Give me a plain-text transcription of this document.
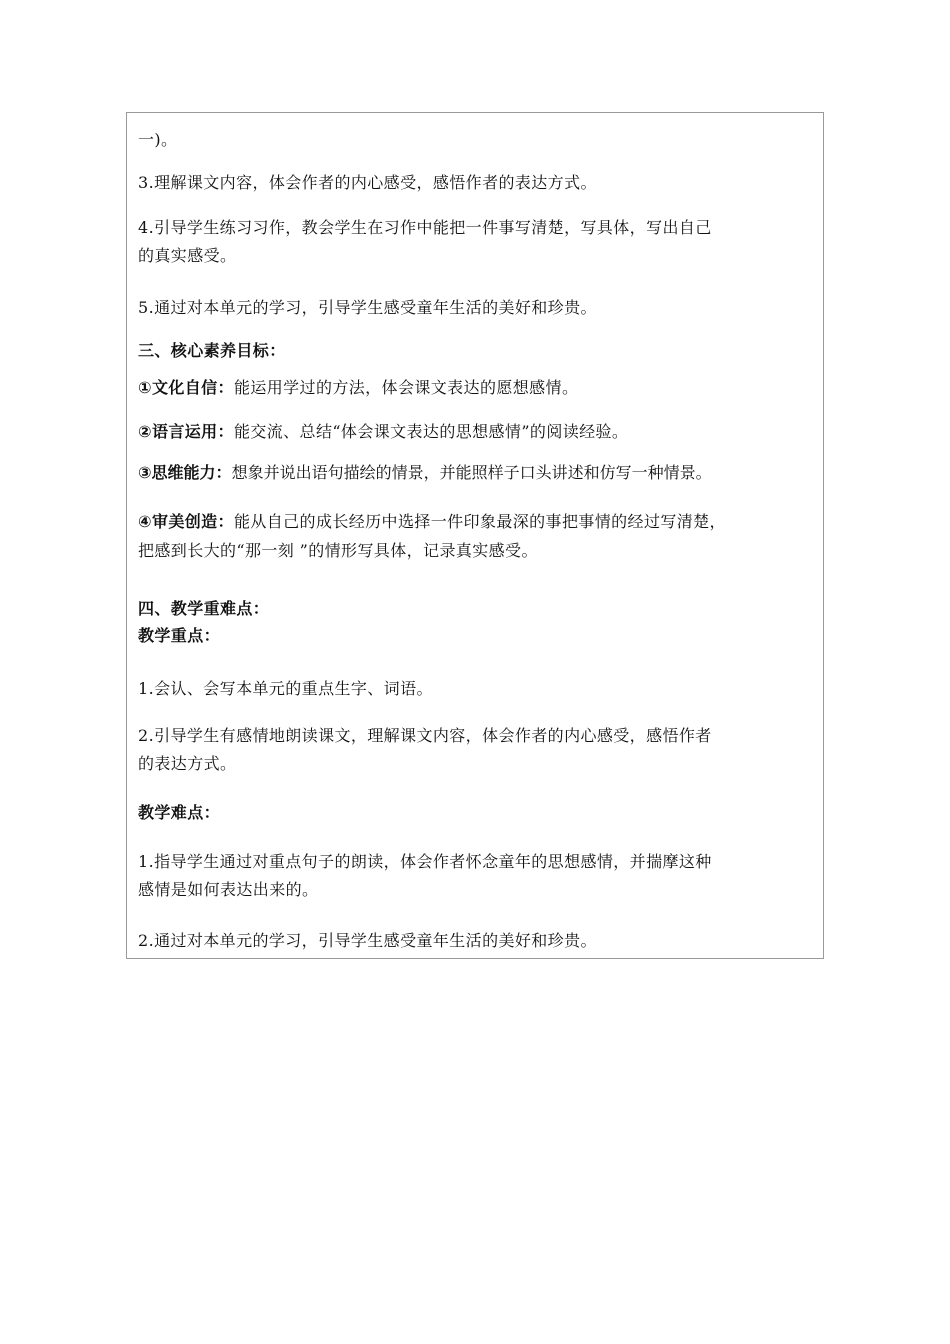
一)。
3.理解课文内容，体会作者的内心感受，感悟作者的表达方式。
4.引导学生练习习作，教会学生在习作中能把一件事写清楚，写具体，写出自己
的真实感受。
5.通过对本单元的学习，引导学生感受童年生活的美好和珍贵。
三、核心素养目标：
①文化自信：能运用学过的方法，体会课文表达的愿想感情。
②语言运用：能交流、总结“体会课文表达的思想感情”的阅读经验。
③思维能力：想象并说出语句描绘的情景，并能照样子口头讲述和仿写一种情景。
④审美创造：能从自己的成长经历中选择一件印象最深的事把事情的经过写清楚，
把感到长大的“那一刻 ”的情形写具体，记录真实感受。
四、教学重难点：
教学重点：
1.会认、会写本单元的重点生字、词语。
2.引导学生有感情地朗读课文，理解课文内容，体会作者的内心感受，感悟作者
的表达方式。
教学难点：
1.指导学生通过对重点句子的朗读，体会作者怀念童年的思想感情，并揣摩这种
感情是如何表达出来的。
2.通过对本单元的学习，引导学生感受童年生活的美好和珍贵。
